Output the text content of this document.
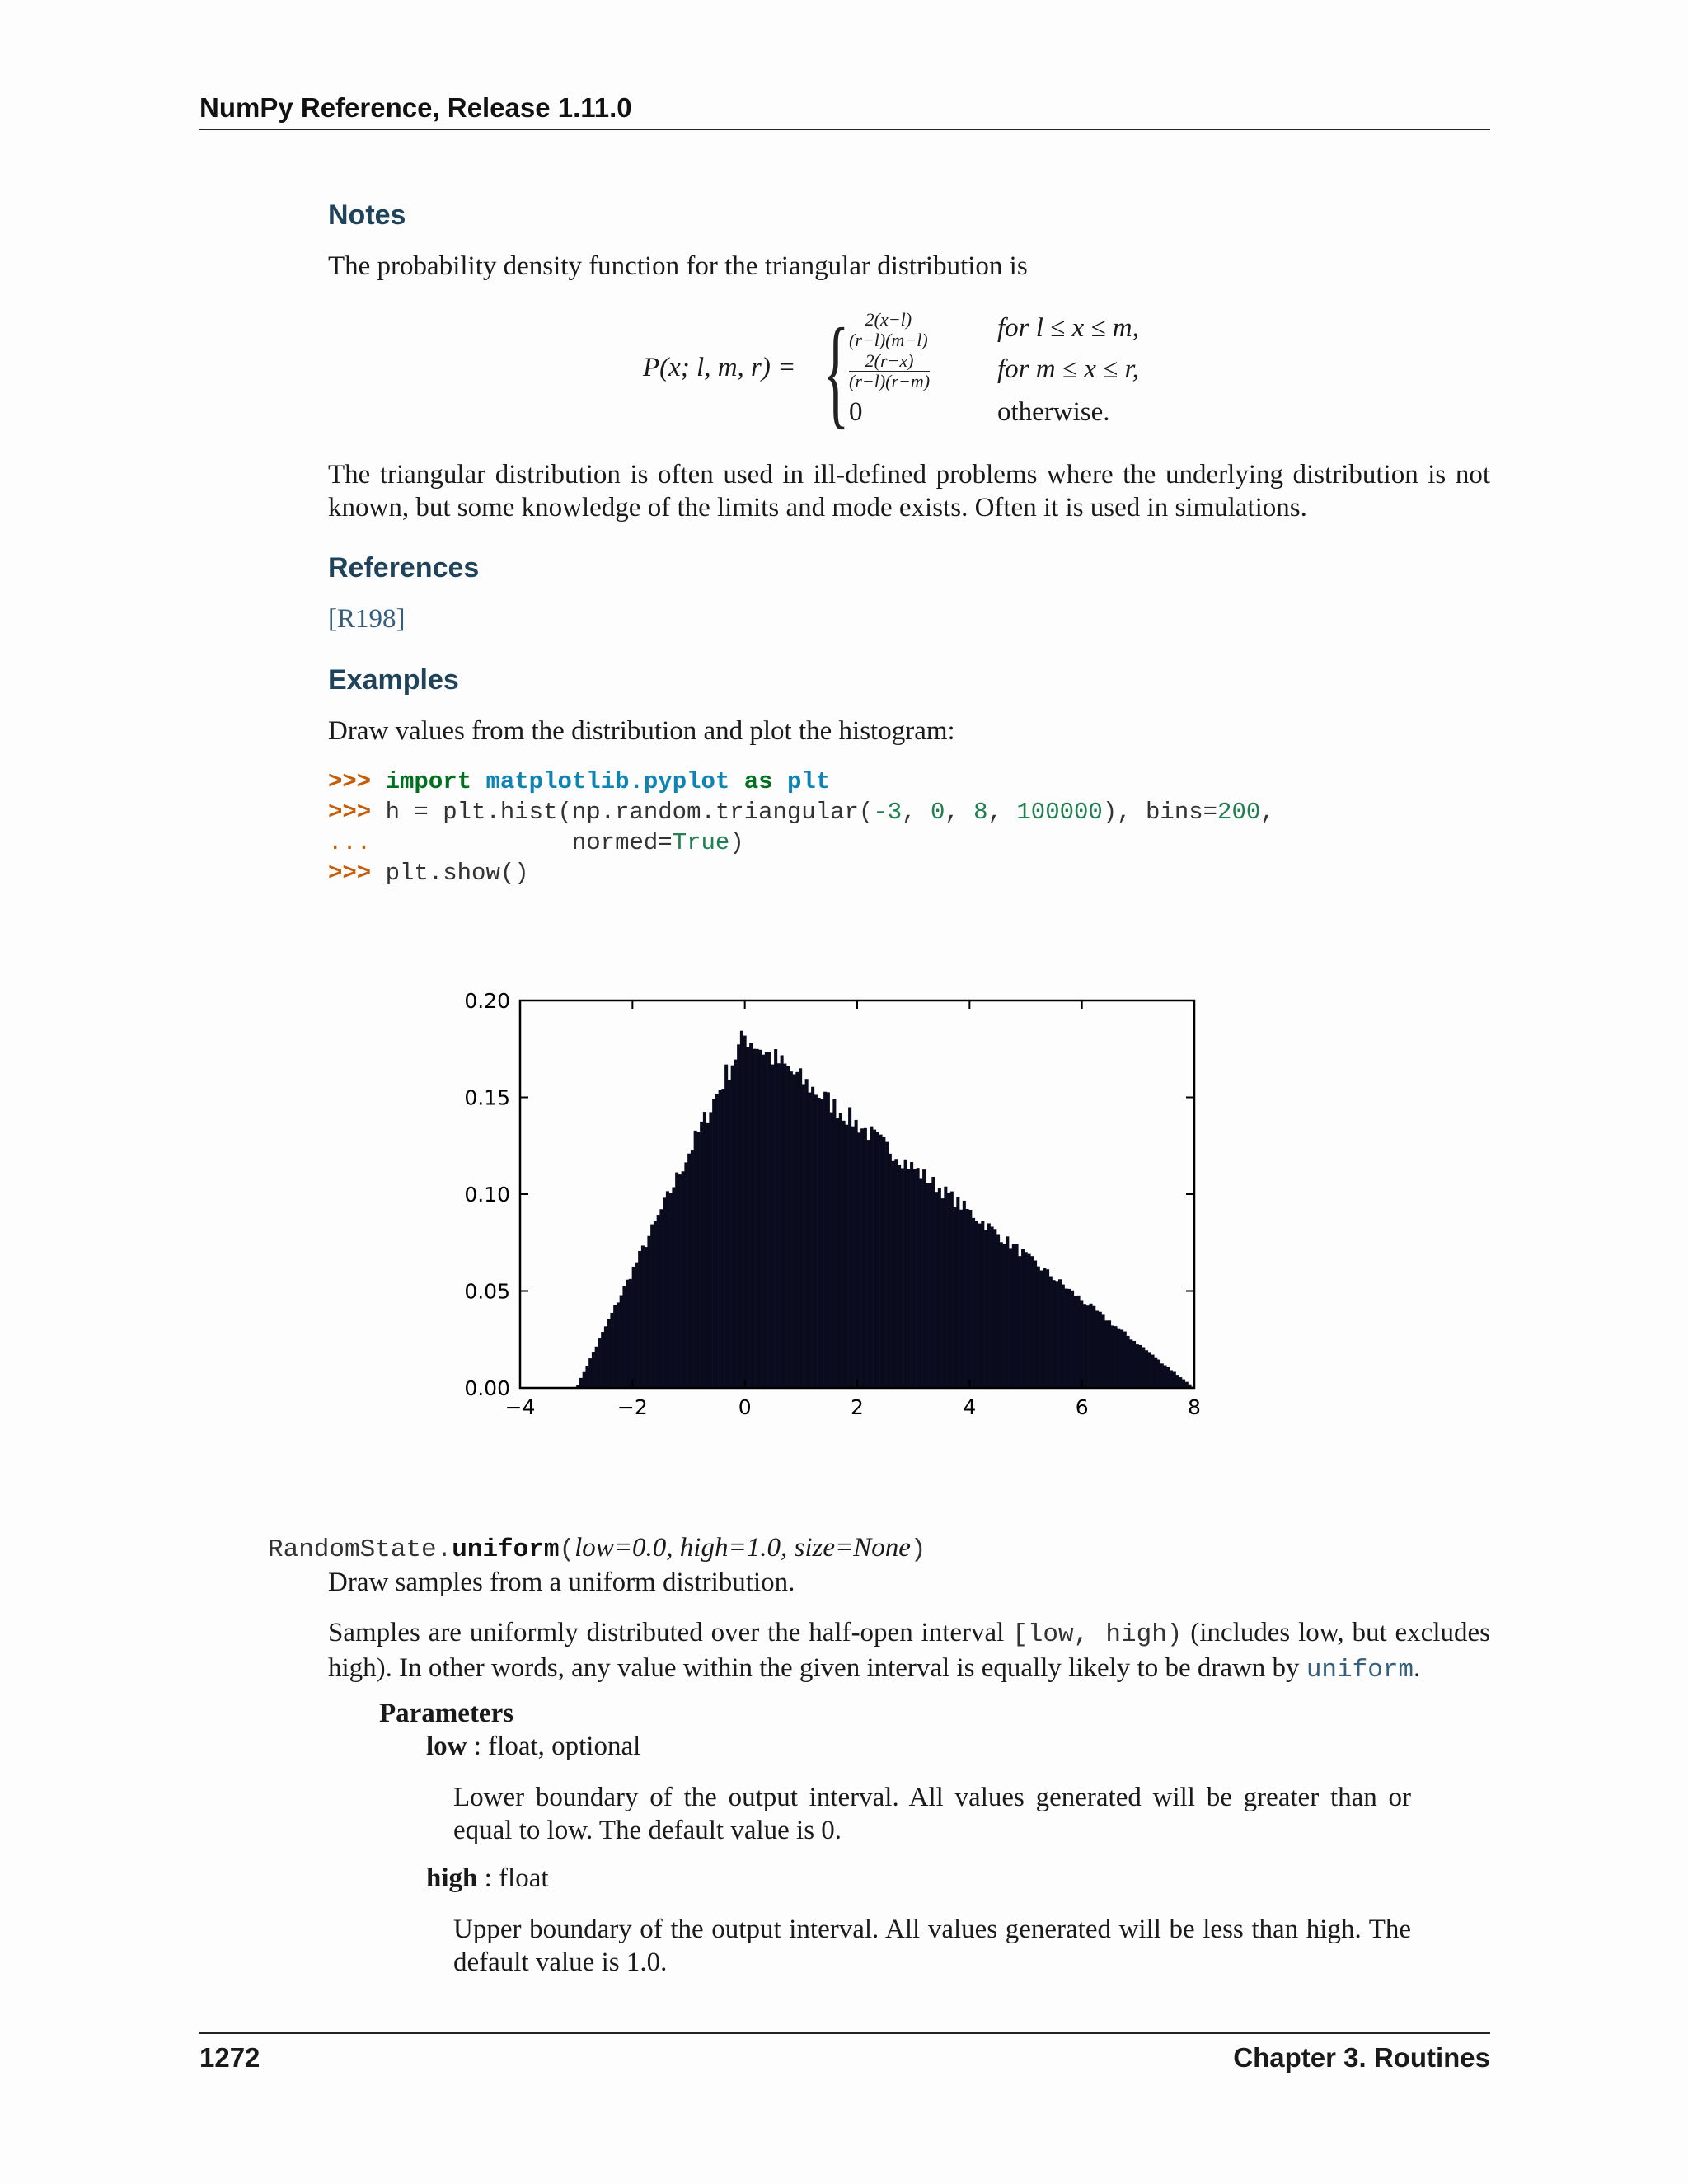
NumPy Reference, Release 1.11.0
Notes
The probability density function for the triangular distribution is
P(x; l, m, r) = { $\frac{2(x-l)}{(r-l)(m-l)}$	for l ≤ x ≤ m,
$\frac{2(r-x)}{(r-l)(r-m)}$ for m ≤ x ≤ r,
0	otherwise.
The triangular distribution is often used in ill-defined problems where the underlying distribution is not known, but some knowledge of the limits and mode exists. Often it is used in simulations.
References
[R198]
Examples
Draw values from the distribution and plot the histogram:
>>> import matplotlib.pyplot as plt
>>> h = plt.hist(np.random.triangular(-3, 0, 8, 100000), bins=200,
...              normed=True)
>>> plt.show()
−4	−2	0	2	4	6	8
0.00
0.05
0.10
0.15
0.20
RandomState.uniform(low=0.0, high=1.0, size=None)
Draw samples from a uniform distribution.
Samples are uniformly distributed over the half-open interval [low, high) (includes low, but excludes high). In other words, any value within the given interval is equally likely to be drawn by uniform.
Parameters
low : float, optional
Lower boundary of the output interval. All values generated will be greater than or equal to low. The default value is 0.
high : float
Upper boundary of the output interval. All values generated will be less than high. The default value is 1.0.
1272	Chapter 3. Routines
